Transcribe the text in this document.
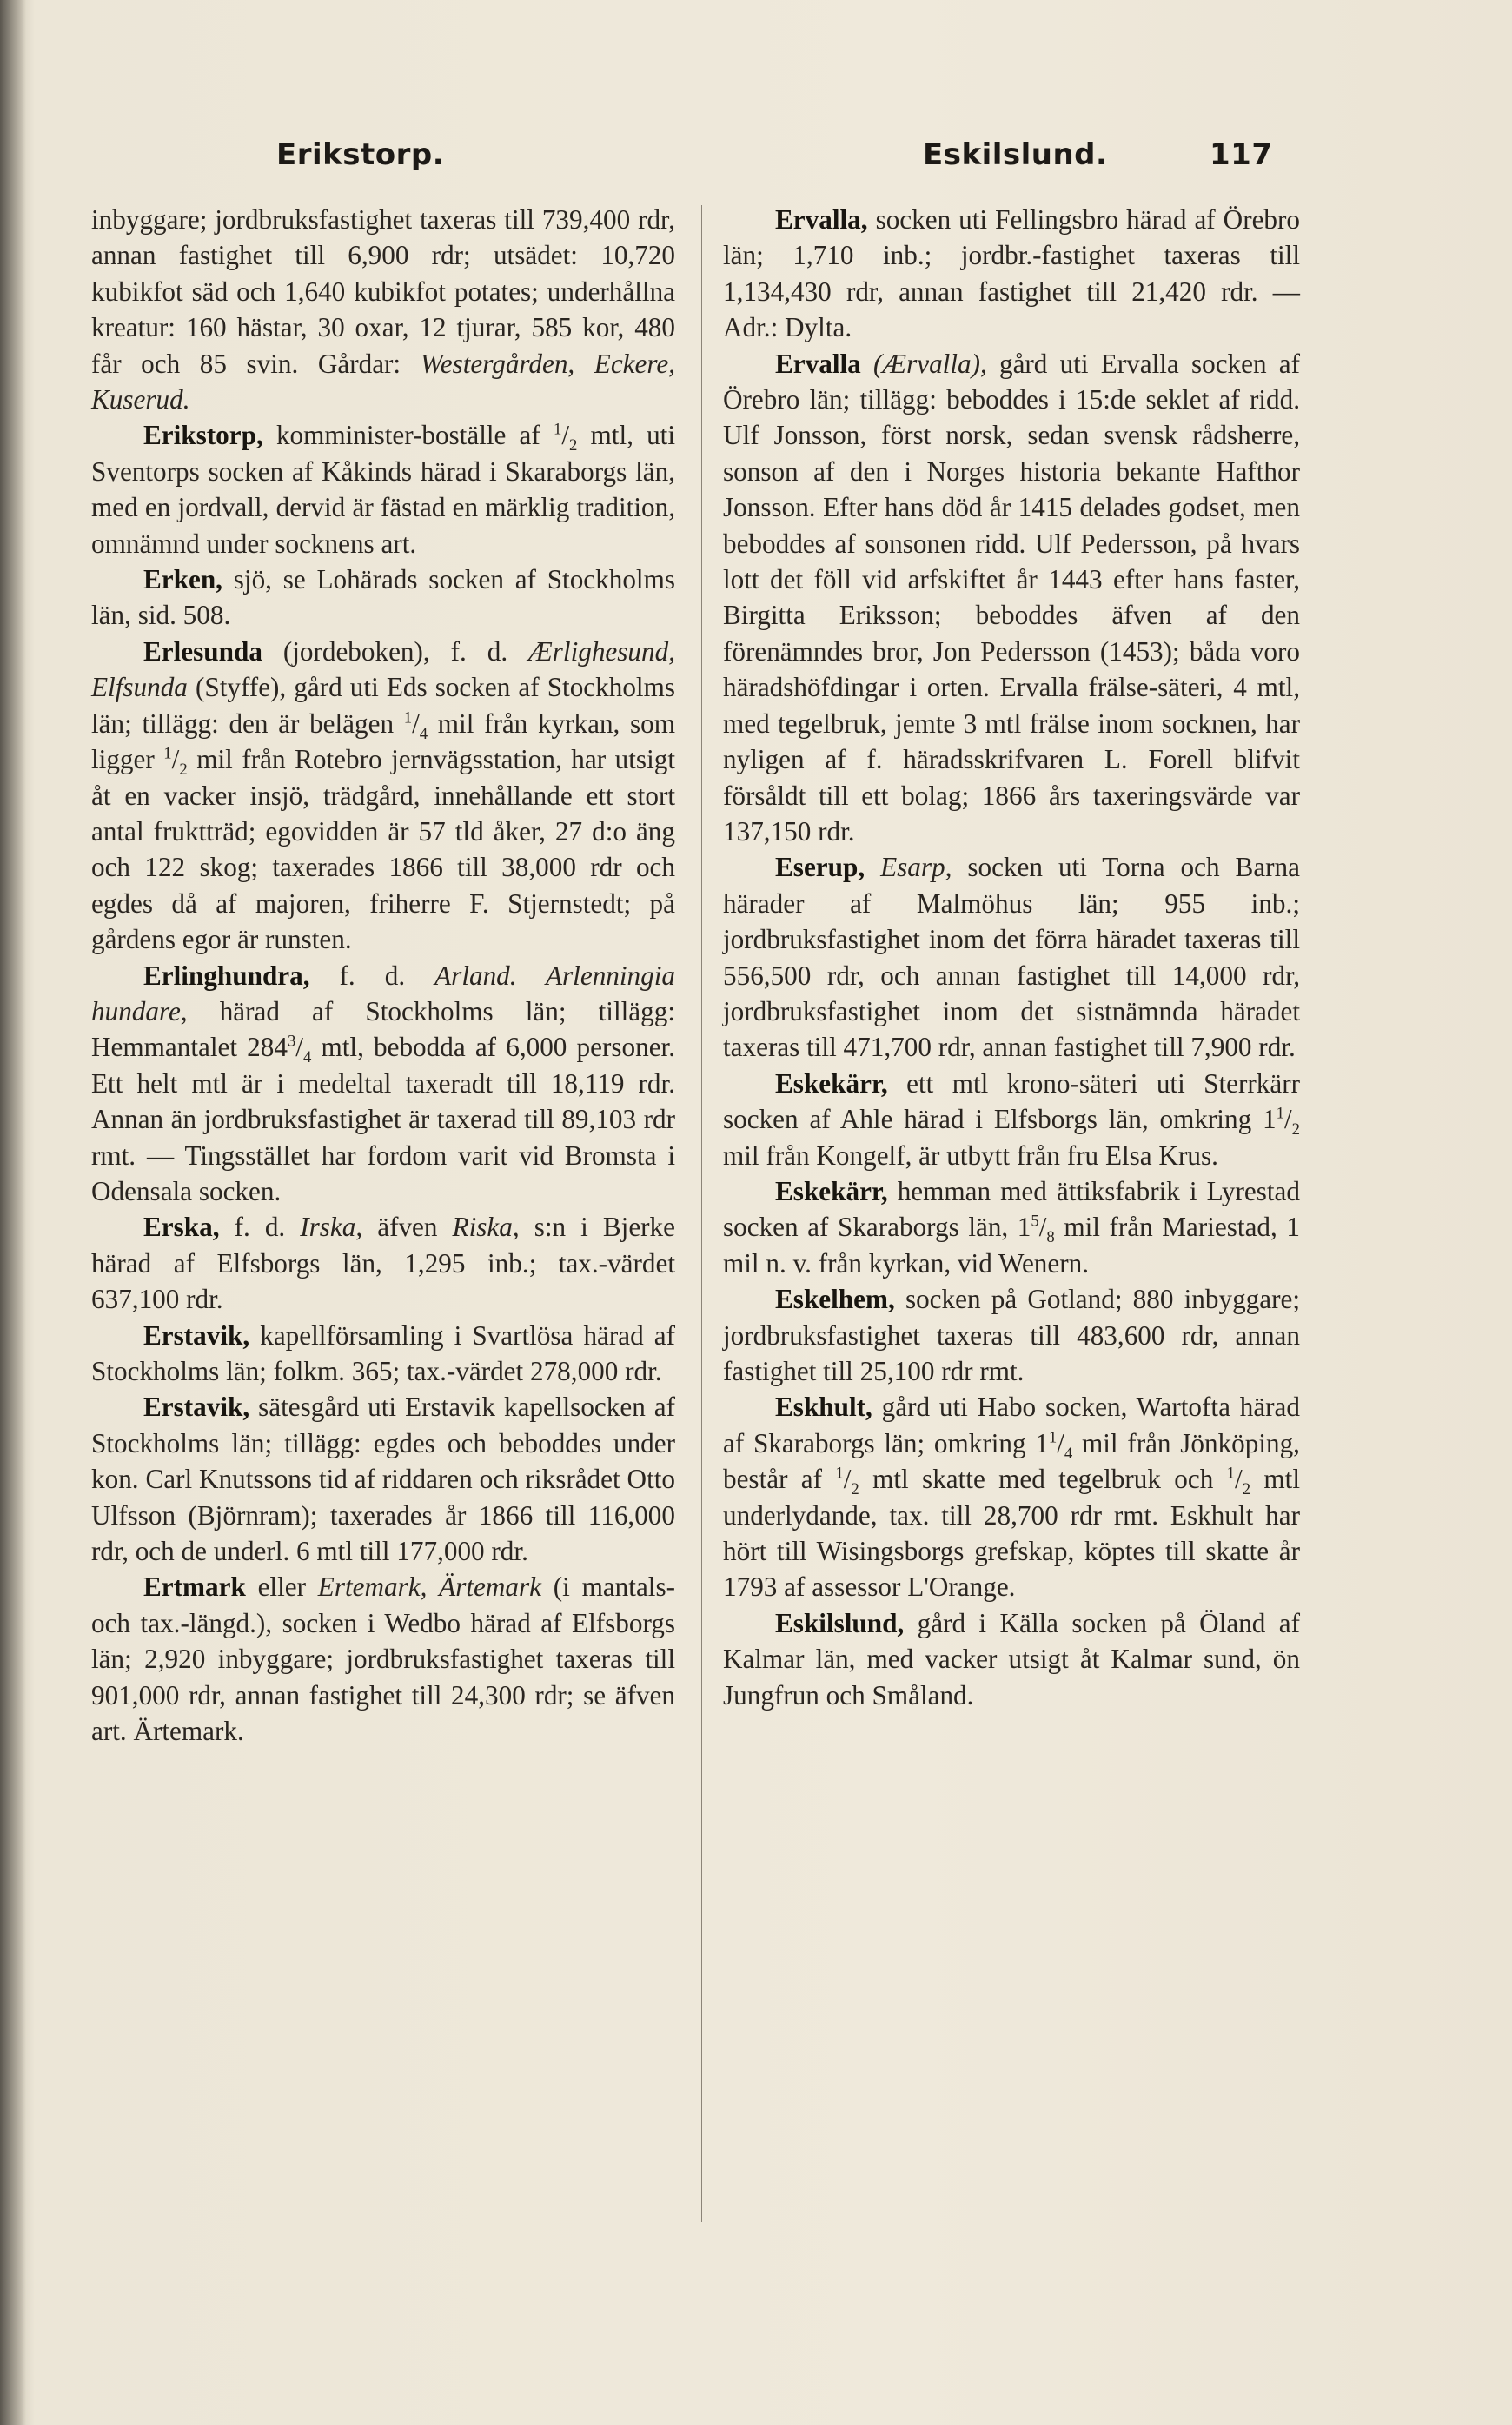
Erikstorp.	Eskilslund.	117

inbyggare; jordbruksfastighet taxeras till 739,400 rdr, annan fastighet till 6,900 rdr; utsädet: 10,720 kubikfot säd och 1,640 kubikfot potates; underhållna kreatur: 160 hästar, 30 oxar, 12 tjurar, 585 kor, 480 får och 85 svin. Gårdar: Westergården, Eckere, Kuserud.

Erikstorp, komminister-boställe af $^1/_2$ mtl, uti Sventorps socken af Kåkinds härad i Skaraborgs län, med en jordvall, dervid är fästad en märklig tradition, omnämnd under socknens art.

Erken, sjö, se Lohärads socken af Stockholms län, sid. 508.

Erlesunda (jordeboken), f. d. Ærlighesund, Elfsunda (Styffe), gård uti Eds socken af Stockholms län; tillägg: den är belägen $^1/_4$ mil från kyrkan, som ligger $^1/_2$ mil från Rotebro jernvägsstation, har utsigt åt en vacker insjö, trädgård, innehållande ett stort antal fruktträd; egovidden är 57 tld åker, 27 d:o äng och 122 skog; taxerades 1866 till 38,000 rdr och egdes då af majoren, friherre F. Stjernstedt; på gårdens egor är runsten.

Erlinghundra, f. d. Arland. Arlenningia hundare, härad af Stockholms län; tillägg: Hemmantalet $284^3/_4$ mtl, bebodda af 6,000 personer. Ett helt mtl är i medeltal taxeradt till 18,119 rdr. Annan än jordbruksfastighet är taxerad till 89,103 rdr rmt. — Tingsstället har fordom varit vid Bromsta i Odensala socken.

Erska, f. d. Irska, äfven Riska, s:n i Bjerke härad af Elfsborgs län, 1,295 inb.; tax.-värdet 637,100 rdr.

Erstavik, kapellförsamling i Svartlösa härad af Stockholms län; folkm. 365; tax.-värdet 278,000 rdr.

Erstavik, sätesgård uti Erstavik kapellsocken af Stockholms län; tillägg: egdes och beboddes under kon. Carl Knutssons tid af riddaren och riksrådet Otto Ulfsson (Björnram); taxerades år 1866 till 116,000 rdr, och de underl. 6 mtl till 177,000 rdr.

Ertmark eller Ertemark, Ärtemark (i mantals- och tax.-längd.), socken i Wedbo härad af Elfsborgs län; 2,920 inbyggare; jordbruksfastighet taxeras till 901,000 rdr, annan fastighet till 24,300 rdr; se äfven art. Ärtemark.

Ervalla, socken uti Fellingsbro härad af Örebro län; 1,710 inb.; jordbr.-fastighet taxeras till 1,134,430 rdr, annan fastighet till 21,420 rdr. — Adr.: Dylta.

Ervalla (Ærvalla), gård uti Ervalla socken af Örebro län; tillägg: beboddes i 15:de seklet af ridd. Ulf Jonsson, först norsk, sedan svensk rådsherre, sonson af den i Norges historia bekante Hafthor Jonsson. Efter hans död år 1415 delades godset, men beboddes af sonsonen ridd. Ulf Pedersson, på hvars lott det föll vid arfskiftet år 1443 efter hans faster, Birgitta Eriksson; beboddes äfven af den förenämndes bror, Jon Pedersson (1453); båda voro häradshöfdingar i orten. Ervalla frälse-säteri, 4 mtl, med tegelbruk, jemte 3 mtl frälse inom socknen, har nyligen af f. häradsskrifvaren L. Forell blifvit försåldt till ett bolag; 1866 års taxeringsvärde var 137,150 rdr.

Eserup, Esarp, socken uti Torna och Barna härader af Malmöhus län; 955 inb.; jordbruksfastighet inom det förra häradet taxeras till 556,500 rdr, och annan fastighet till 14,000 rdr, jordbruksfastighet inom det sistnämnda häradet taxeras till 471,700 rdr, annan fastighet till 7,900 rdr.

Eskekärr, ett mtl krono-säteri uti Sterrkärr socken af Ahle härad i Elfsborgs län, omkring $1^1/_2$ mil från Kongelf, är utbytt från fru Elsa Krus.

Eskekärr, hemman med ättiksfabrik i Lyrestad socken af Skaraborgs län, $1^5/_8$ mil från Mariestad, 1 mil n. v. från kyrkan, vid Wenern.

Eskelhem, socken på Gotland; 880 inbyggare; jordbruksfastighet taxeras till 483,600 rdr, annan fastighet till 25,100 rdr rmt.

Eskhult, gård uti Habo socken, Wartofta härad af Skaraborgs län; omkring $1^1/_4$ mil från Jönköping, består af $^1/_2$ mtl skatte med tegelbruk och $^1/_2$ mtl underlydande, tax. till 28,700 rdr rmt. Eskhult har hört till Wisingsborgs grefskap, köptes till skatte år 1793 af assessor L'Orange.

Eskilslund, gård i Källa socken på Öland af Kalmar län, med vacker utsigt åt Kalmar sund, ön Jungfrun och Småland.
